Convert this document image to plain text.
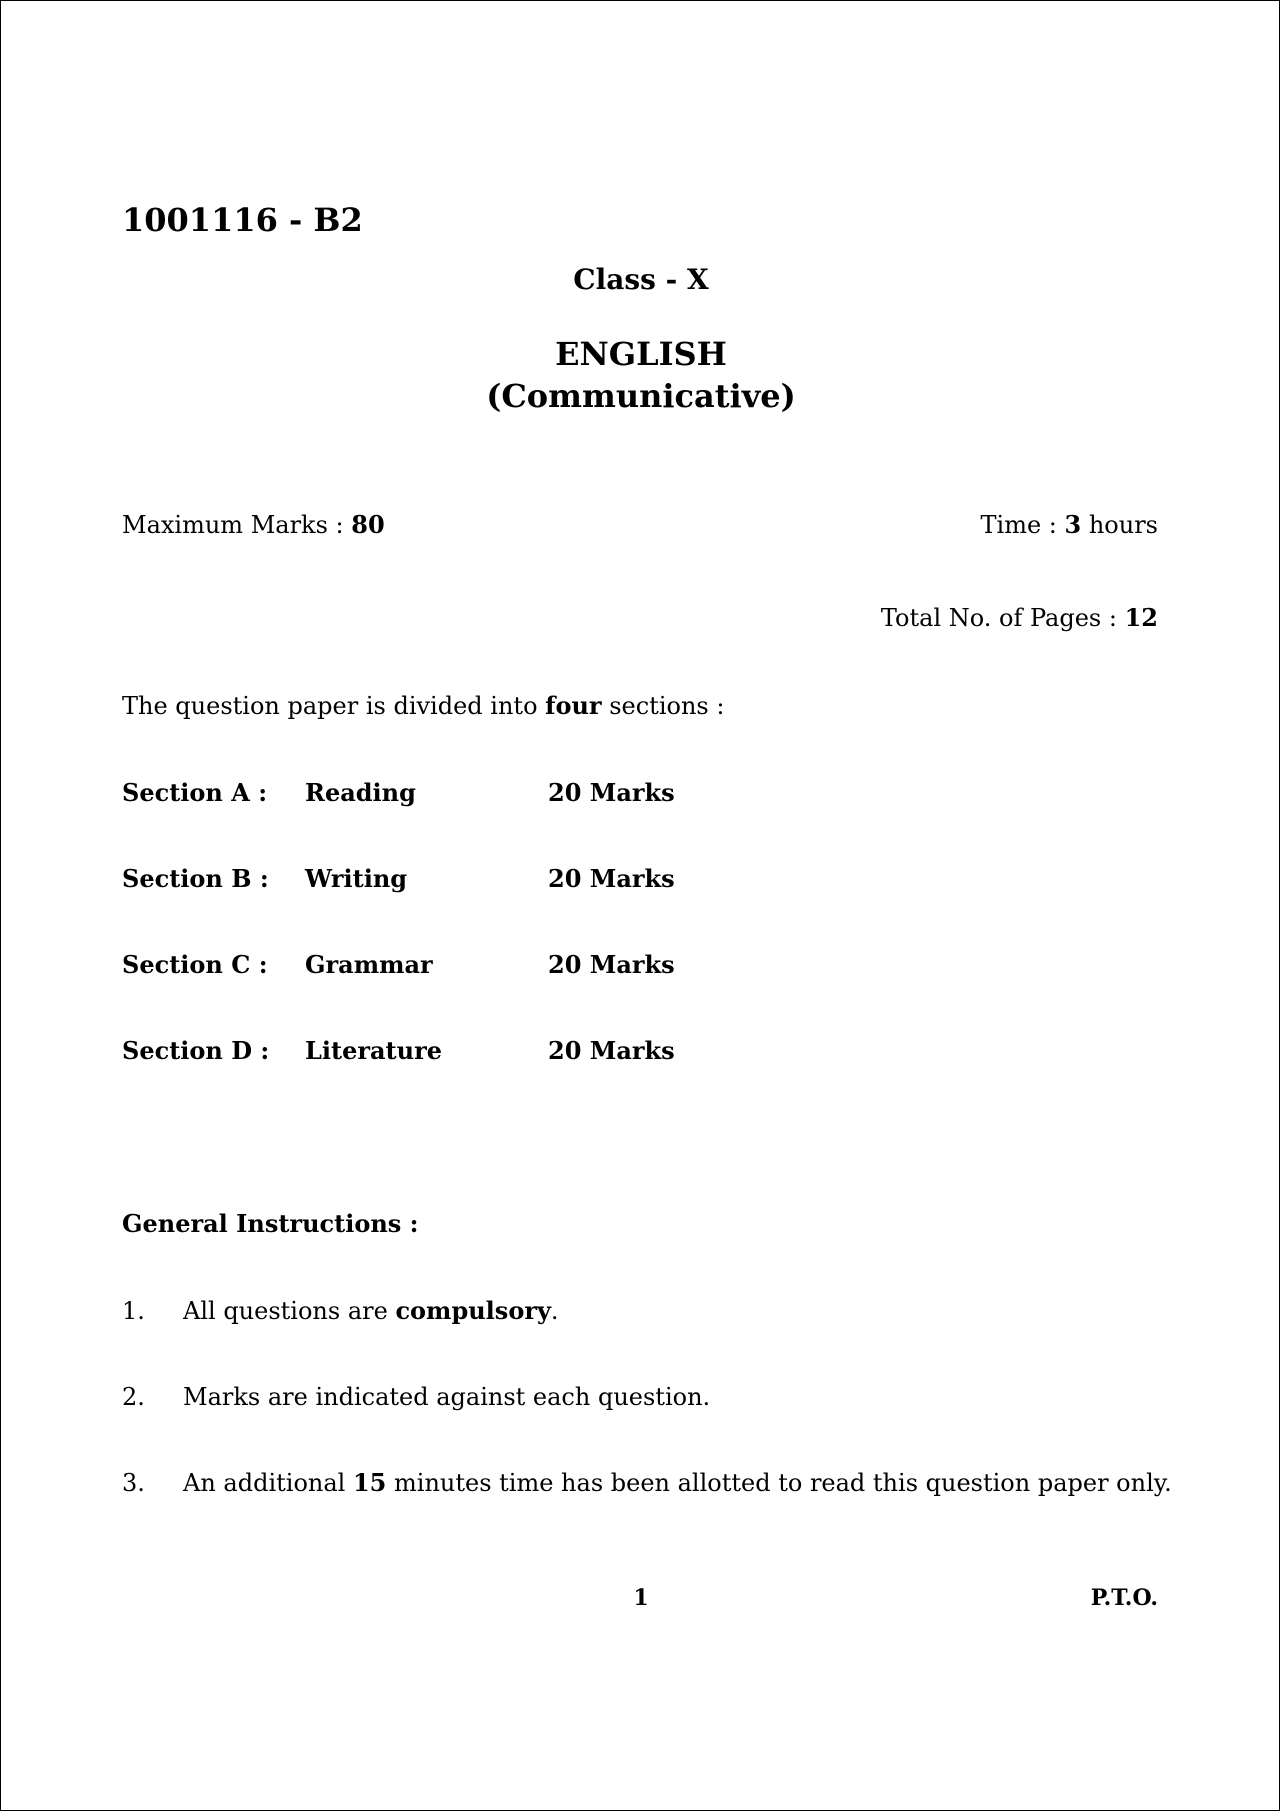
1001116 - B2
Class - X
ENGLISH
(Communicative)
Maximum Marks : 80	Time : 3 hours
Total No. of Pages : 12
The question paper is divided into four sections :
Section A : Reading	20 Marks
Section B : Writing	20 Marks
Section C : Grammar	20 Marks
Section D : Literature	20 Marks
General Instructions :
1. All questions are compulsory.
2. Marks are indicated against each question.
3. An additional 15 minutes time has been allotted to read this question paper only.
1	P.T.O.
